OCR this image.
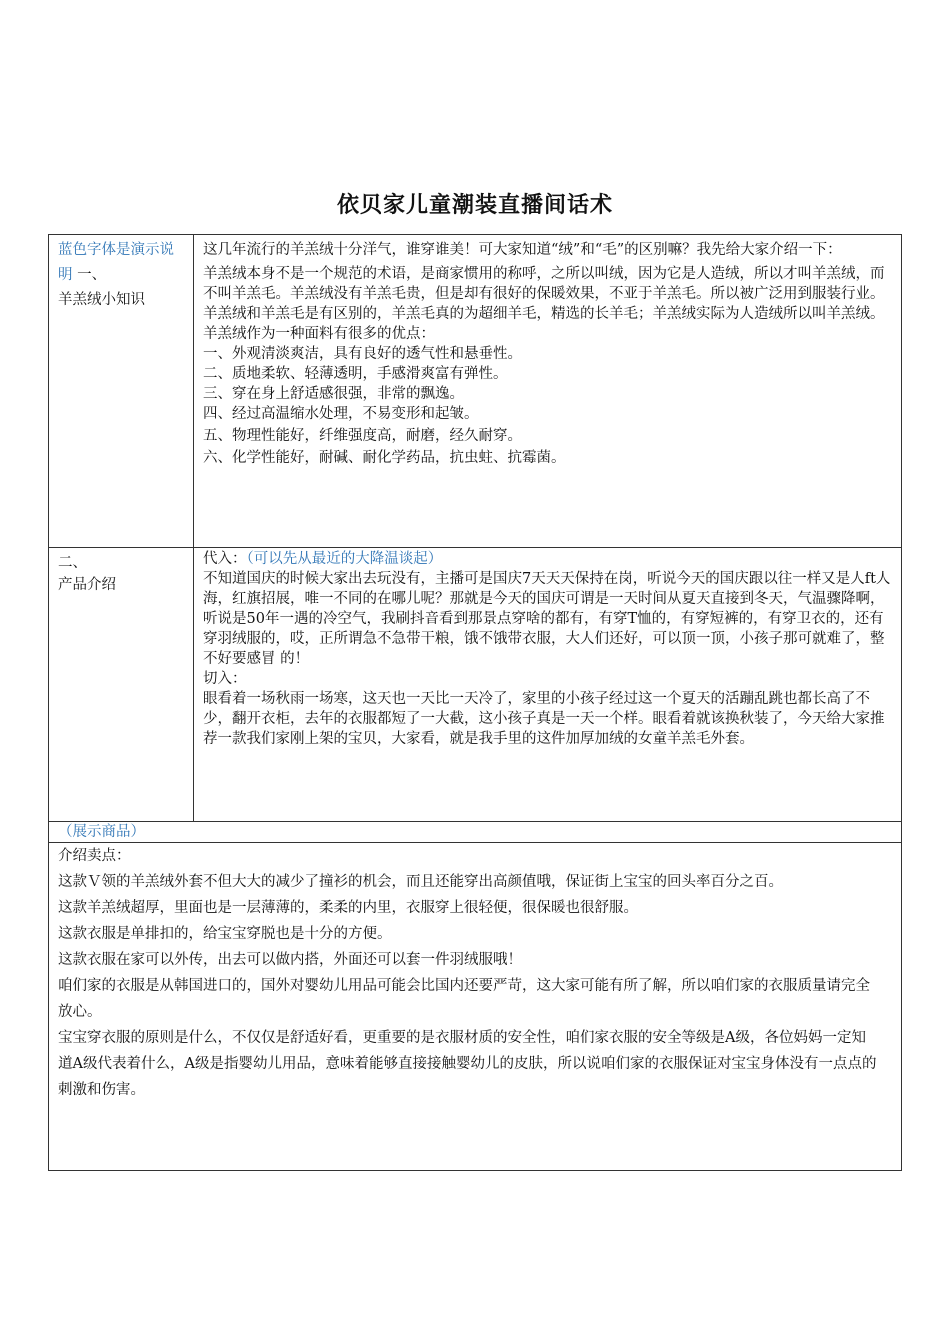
依贝家儿童潮装直播间话术
蓝色字体是演示说明 一、
羊羔绒小知识
这几年流行的羊羔绒十分洋气，谁穿谁美！可大家知道“绒”和“毛”的区别嘛？我先给大家介绍一下：
羊羔绒本身不是一个规范的术语，是商家惯用的称呼，之所以叫绒，因为它是人造绒，所以才叫羊羔绒，而不叫羊羔毛。羊羔绒没有羊羔毛贵，但是却有很好的保暖效果，不亚于羊羔毛。所以被广泛用到服装行业。
羊羔绒和羊羔毛是有区别的，羊羔毛真的为超细羊毛，精选的长羊毛；羊羔绒实际为人造绒所以叫羊羔绒。
羊羔绒作为一种面料有很多的优点：
一、外观清淡爽洁，具有良好的透气性和悬垂性。
二、质地柔软、轻薄透明，手感滑爽富有弹性。
三、穿在身上舒适感很强，非常的飘逸。
四、经过高温缩水处理，不易变形和起皱。
五、物理性能好，纤维强度高，耐磨，经久耐穿。
六、化学性能好，耐碱、耐化学药品，抗虫蛀、抗霉菌。
二、
产品介绍
代入：（可以先从最近的大降温谈起）
不知道国庆的时候大家出去玩没有，主播可是国庆7天天天保持在岗，听说今天的国庆跟以往一样又是人ft人海，红旗招展，唯一不同的在哪儿呢？那就是今天的国庆可谓是一天时间从夏天直接到冬天，气温骤降啊，听说是50年一遇的冷空气，我刷抖音看到那景点穿啥的都有，有穿T恤的，有穿短裤的，有穿卫衣的，还有穿羽绒服的，哎，正所谓急不急带干粮，饿不饿带衣服，大人们还好，可以顶一顶，小孩子那可就难了，整不好要感冒 的！
切入：
眼看着一场秋雨一场寒，这天也一天比一天冷了，家里的小孩子经过这一个夏天的活蹦乱跳也都长高了不少，翻开衣柜，去年的衣服都短了一大截，这小孩子真是一天一个样。眼看着就该换秋装了，今天给大家推荐一款我们家刚上架的宝贝，大家看，就是我手里的这件加厚加绒的女童羊羔毛外套。
（展示商品）
介绍卖点：
这款Ｖ领的羊羔绒外套不但大大的减少了撞衫的机会，而且还能穿出高颜值哦，保证街上宝宝的回头率百分之百。
这款羊羔绒超厚，里面也是一层薄薄的，柔柔的内里，衣服穿上很轻便，很保暖也很舒服。
这款衣服是单排扣的，给宝宝穿脱也是十分的方便。
这款衣服在家可以外传，出去可以做内搭，外面还可以套一件羽绒服哦！
咱们家的衣服是从韩国进口的，国外对婴幼儿用品可能会比国内还要严苛，这大家可能有所了解，所以咱们家的衣服质量请完全放心。
宝宝穿衣服的原则是什么，不仅仅是舒适好看，更重要的是衣服材质的安全性，咱们家衣服的安全等级是A级，各位妈妈一定知道A级代表着什么，A级是指婴幼儿用品，意味着能够直接接触婴幼儿的皮肤，所以说咱们家的衣服保证对宝宝身体没有一点点的刺激和伤害。
